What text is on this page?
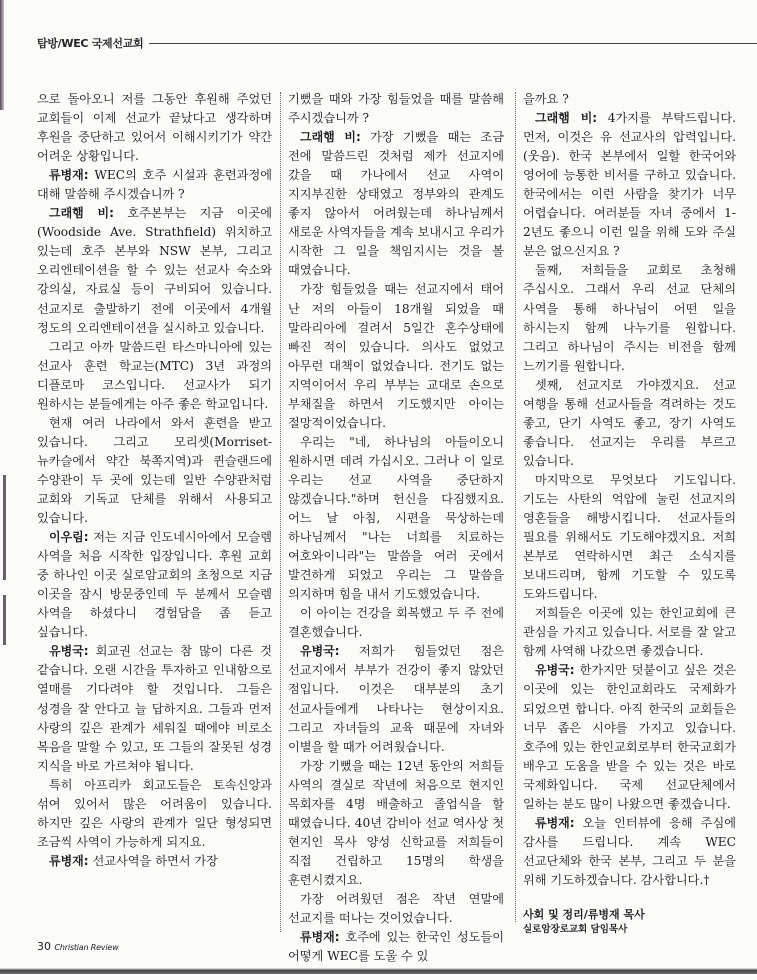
탐방/WEC 국제선교회

으로 돌아오니 저를 그동안 후원해 주었던 교회들이 이제 선교가 끝났다고 생각하며 후원을 중단하고 있어서 이해시키기가 약간 어려운 상황입니다.

류병재: WEC의 호주 시설과 훈련과정에 대해 말씀해 주시겠습니까 ?

그래햄 비: 호주본부는 지금 이곳에(Woodside Ave. Strathfield) 위치하고 있는데 호주 본부와 NSW 본부, 그리고 오리엔테이션을 할 수 있는 선교사 숙소와 강의실, 자료실 등이 구비되어 있습니다. 선교지로 출발하기 전에 이곳에서 4개월 정도의 오리엔테이션을 실시하고 있습니다.

그리고 아까 말씀드린 타스마니아에 있는 선교사 훈련 학교는(MTC) 3년 과정의 디플로마 코스입니다. 선교사가 되기 원하시는 분들에게는 아주 좋은 학교입니다.

현재 여러 나라에서 와서 훈련을 받고 있습니다. 그리고 모리셋(Morriset- 뉴카슬에서 약간 북쪽지역)과 퀸슬랜드에 수양관이 두 곳에 있는데 일반 수양관처럼 교회와 기독교 단체를 위해서 사용되고 있습니다.

이우림: 저는 지금 인도네시아에서 모슬렘 사역을 처음 시작한 입장입니다. 후원 교회 중 하나인 이곳 실로암교회의 초청으로 지금 이곳을 잠시 방문중인데 두 분께서 모슬렘 사역을 하셨다니 경험담을 좀 듣고 싶습니다.

유병국: 회교권 선교는 참 많이 다른 것 같습니다. 오랜 시간을 투자하고 인내함으로 열매를 기다려야 할 것입니다. 그들은 성경을 잘 안다고 늘 답하지요. 그들과 먼저 사랑의 깊은 관계가 세워질 때에야 비로소 복음을 말할 수 있고, 또 그들의 잘못된 성경 지식을 바로 가르쳐야 됩니다.

특히 아프리카 회교도들은 토속신앙과 섞여 있어서 많은 어려움이 있습니다. 하지만 깊은 사랑의 관계가 일단 형성되면 조금씩 사역이 가능하게 되지요.

류병재: 선교사역을 하면서 가장

기뻤을 때와 가장 힘들었을 때를 말씀해 주시겠습니까 ?

그래햄 비: 가장 기뻤을 때는 조금 전에 말씀드린 것처럼 제가 선교지에 갔을 때 가나에서 선교 사역이 지지부진한 상태였고 정부와의 관계도 좋지 않아서 어려웠는데 하나님께서 새로운 사역자들을 계속 보내시고 우리가 시작한 그 일을 책임지시는 것을 볼 때였습니다.

가장 힘들었을 때는 선교지에서 태어 난 저의 아들이 18개월 되었을 때 말라리아에 걸려서 5일간 혼수상태에 빠진 적이 있습니다. 의사도 없었고 아무런 대책이 없었습니다. 전기도 없는 지역이어서 우리 부부는 교대로 손으로 부채질을 하면서 기도했지만 아이는 절망적이었습니다.

우리는 "네, 하나님의 아들이오니 원하시면 데려 가십시오. 그러나 이 일로 우리는 선교 사역을 중단하지 않겠습니다."하며 헌신을 다짐했지요. 어느 날 아침, 시편을 묵상하는데 하나님께서 "나는 너희를 치료하는 여호와이니라"는 말씀을 여러 곳에서 발견하게 되었고 우리는 그 말씀을 의지하며 힘을 내서 기도했었습니다.

이 아이는 건강을 회복했고 두 주 전에 결혼했습니다.

유병국: 저희가 힘들었던 점은 선교지에서 부부가 건강이 좋지 않았던 점입니다. 이것은 대부분의 초기 선교사들에게 나타나는 현상이지요. 그리고 자녀들의 교육 때문에 자녀와 이별을 할 때가 어려웠습니다.

가장 기뻤을 때는 12년 동안의 저희들 사역의 결실로 작년에 처음으로 현지인 목회자를 4명 배출하고 졸업식을 할 때였습니다. 40년 감비아 선교 역사상 첫 현지인 목사 양성 신학교를 저희들이 직접 건립하고 15명의 학생을 훈련시켰지요.

가장 어려웠던 점은 작년 연말에 선교지를 떠나는 것이었습니다.

류병재: 호주에 있는 한국인 성도들이 어떻게 WEC를 도울 수 있

을까요 ?

그래햄 비: 4가지를 부탁드립니다. 먼저, 이것은 유 선교사의 압력입니다. (웃음). 한국 본부에서 일할 한국어와 영어에 능통한 비서를 구하고 있습니다. 한국에서는 이런 사람을 찾기가 너무 어렵습니다. 여러분들 자녀 중에서 1-2년도 좋으니 이런 일을 위해 도와 주실 분은 없으신지요 ?

둘째, 저희들을 교회로 초청해 주십시오. 그래서 우리 선교 단체의 사역을 통해 하나님이 어떤 일을 하시는지 함께 나누기를 원합니다. 그리고 하나님이 주시는 비전을 함께 느끼기를 원합니다.

셋째, 선교지로 가야겠지요. 선교 여행을 통해 선교사들을 격려하는 것도 좋고, 단기 사역도 좋고, 장기 사역도 좋습니다. 선교지는 우리를 부르고 있습니다.

마지막으로 무엇보다 기도입니다. 기도는 사탄의 억압에 눌린 선교지의 영혼들을 해방시킵니다. 선교사들의 필요를 위해서도 기도해야겠지요. 저희 본부로 연락하시면 최근 소식지를 보내드리며, 함께 기도할 수 있도록 도와드립니다.

저희들은 이곳에 있는 한인교회에 큰 관심을 가지고 있습니다. 서로를 잘 알고 함께 사역해 나갔으면 좋겠습니다.

유병국: 한가지만 덧붙이고 싶은 것은 이곳에 있는 한인교회라도 국제화가 되었으면 합니다. 아직 한국의 교회들은 너무 좁은 시야를 가지고 있습니다. 호주에 있는 한인교회로부터 한국교회가 배우고 도움을 받을 수 있는 것은 바로 국제화입니다. 국제 선교단체에서 일하는 분도 많이 나왔으면 좋겠습니다.

류병재: 오늘 인터뷰에 응해 주심에 감사를 드립니다. 계속 WEC 선교단체와 한국 본부, 그리고 두 분을 위해 기도하겠습니다. 감사합니다.†

사회 및 정리/류병재 목사
실로암장로교회 담임목사
30 Christian Review
